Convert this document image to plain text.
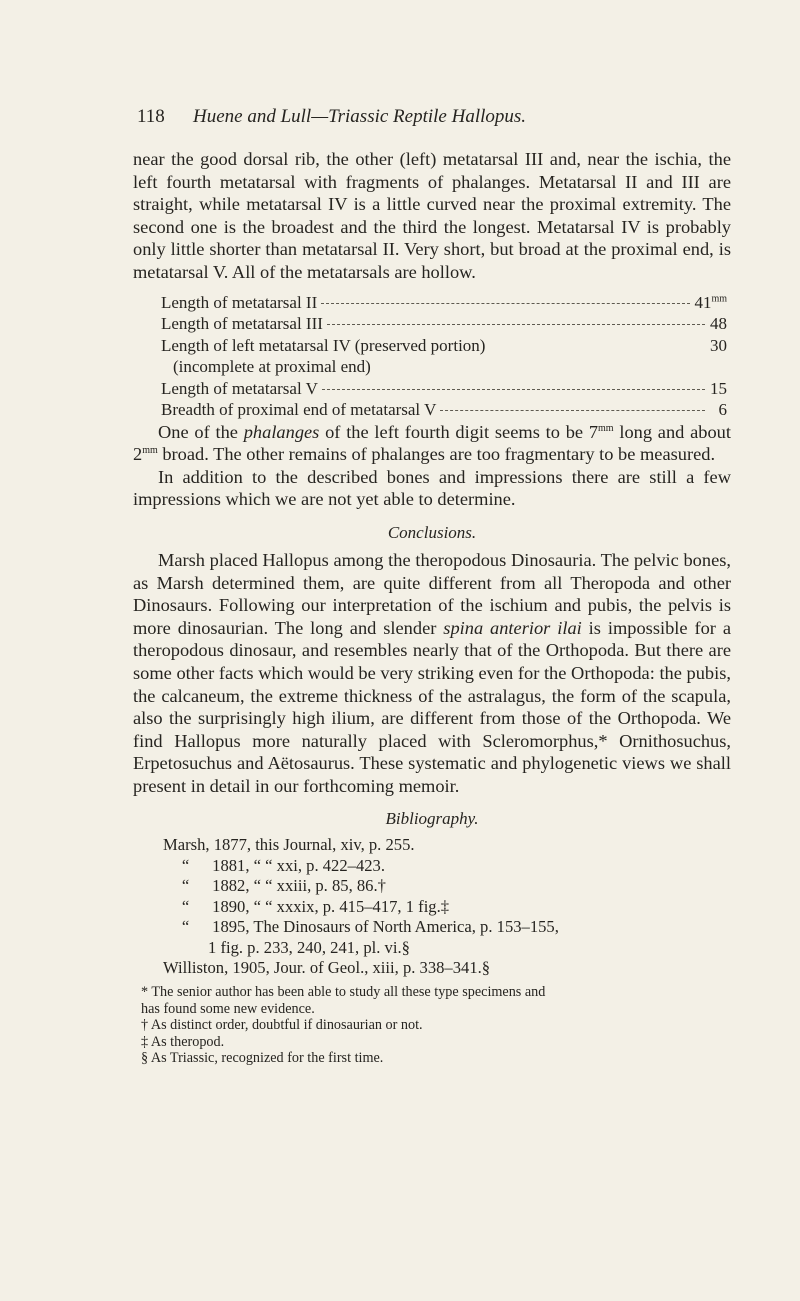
118 Huene and Lull—Triassic Reptile Hallopus.

near the good dorsal rib, the other (left) metatarsal III and, near the ischia, the left fourth metatarsal with fragments of phalanges. Metatarsal II and III are straight, while metatarsal IV is a little curved near the proximal extremity. The second one is the broadest and the third the longest. Metatarsal IV is probably only little shorter than metatarsal II. Very short, but broad at the proximal end, is metatarsal V. All of the metatarsals are hollow.

Length of metatarsal II	$41^{mm}$
Length of metatarsal III	48
Length of left metatarsal IV (preserved portion)	30
(incomplete at proximal end)
Length of metatarsal V	15
Breadth of proximal end of metatarsal V	6

One of the phalanges of the left fourth digit seems to be $7^{mm}$ long and about $2^{mm}$ broad. The other remains of phalanges are too fragmentary to be measured.

In addition to the described bones and impressions there are still a few impressions which we are not yet able to determine.

Conclusions.

Marsh placed Hallopus among the theropodous Dinosauria. The pelvic bones, as Marsh determined them, are quite different from all Theropoda and other Dinosaurs. Following our interpretation of the ischium and pubis, the pelvis is more dinosaurian. The long and slender spina anterior ilai is impossible for a theropodous dinosaur, and resembles nearly that of the Orthopoda. But there are some other facts which would be very striking even for the Orthopoda: the pubis, the calcaneum, the extreme thickness of the astralagus, the form of the scapula, also the surprisingly high ilium, are different from those of the Orthopoda. We find Hallopus more naturally placed with Scleromorphus,* Ornithosuchus, Erpetosuchus and Aëtosaurus. These systematic and phylogenetic views we shall present in detail in our forthcoming memoir.

Bibliography.
Marsh, 1877, this Journal, xiv, p. 255.
“ 1881, “ “ xxi, p. 422–423.
“ 1882, “ “ xxiii, p. 85, 86.†
“ 1890, “ “ xxxix, p. 415–417, 1 fig.‡
“ 1895, The Dinosaurs of North America, p. 153–155,
1 fig. p. 233, 240, 241, pl. vi.§
Williston, 1905, Jour. of Geol., xiii, p. 338–341.§
* The senior author has been able to study all these type specimens and
has found some new evidence.
† As distinct order, doubtful if dinosaurian or not.
‡ As theropod.
§ As Triassic, recognized for the first time.
